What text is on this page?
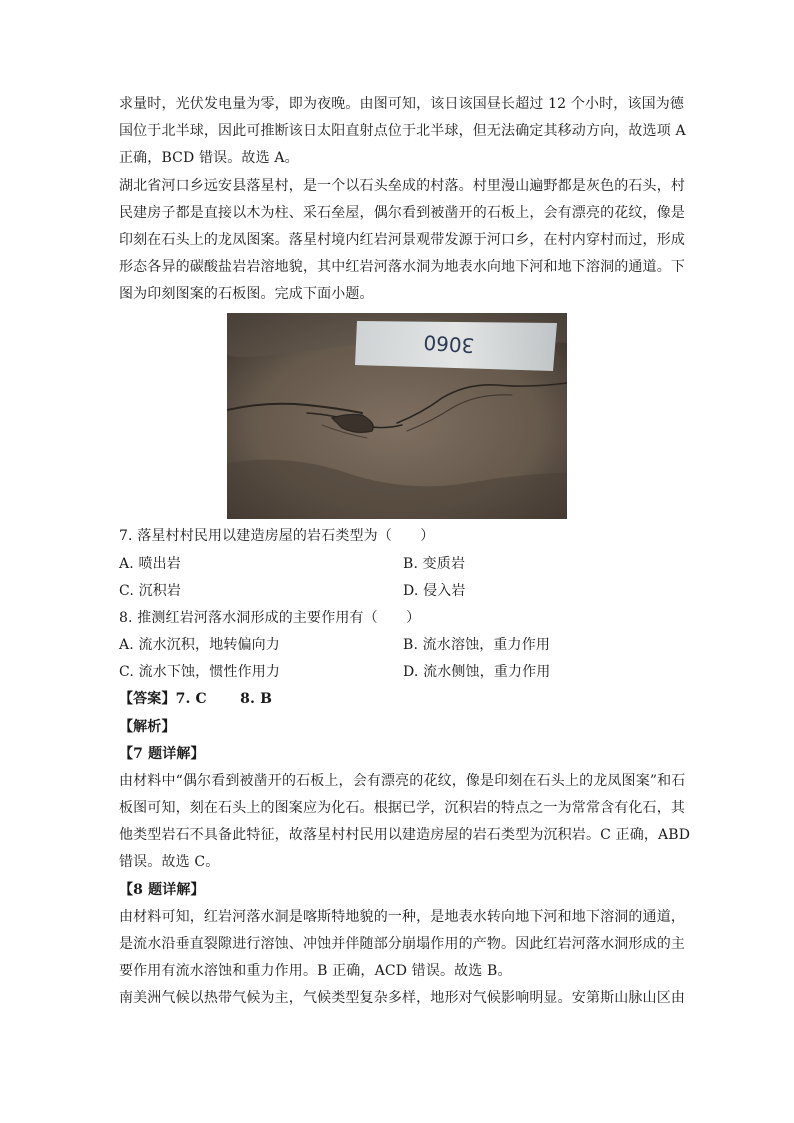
求量时，光伏发电量为零，即为夜晚。由图可知，该日该国昼长超过 12 个小时，该国为德
国位于北半球，因此可推断该日太阳直射点位于北半球，但无法确定其移动方向，故选项 A
正确，BCD 错误。故选 A。
湖北省河口乡远安县落星村，是一个以石头垒成的村落。村里漫山遍野都是灰色的石头，村
民建房子都是直接以木为柱、采石垒屋，偶尔看到被凿开的石板上，会有漂亮的花纹，像是
印刻在石头上的龙凤图案。落星村境内红岩河景观带发源于河口乡，在村内穿村而过，形成
形态各异的碳酸盐岩岩溶地貌，其中红岩河落水洞为地表水向地下河和地下溶洞的通道。下
图为印刻图案的石板图。完成下面小题。
3060
7. 落星村村民用以建造房屋的岩石类型为（　　）
A. 喷出岩	B. 变质岩
C. 沉积岩	D. 侵入岩
8. 推测红岩河落水洞形成的主要作用有（　　）
A. 流水沉积，地转偏向力	B. 流水溶蚀，重力作用
C. 流水下蚀，惯性作用力	D. 流水侧蚀，重力作用
【答案】7. C　　 8. B
【解析】
【7 题详解】
由材料中“偶尔看到被凿开的石板上，会有漂亮的花纹，像是印刻在石头上的龙凤图案”和石
板图可知，刻在石头上的图案应为化石。根据已学，沉积岩的特点之一为常常含有化石，其
他类型岩石不具备此特征，故落星村村民用以建造房屋的岩石类型为沉积岩。C 正确，ABD
错误。故选 C。
【8 题详解】
由材料可知，红岩河落水洞是喀斯特地貌的一种，是地表水转向地下河和地下溶洞的通道，
是流水沿垂直裂隙进行溶蚀、冲蚀并伴随部分崩塌作用的产物。因此红岩河落水洞形成的主
要作用有流水溶蚀和重力作用。B 正确，ACD 错误。故选 B。
南美洲气候以热带气候为主，气候类型复杂多样，地形对气候影响明显。安第斯山脉山区由
